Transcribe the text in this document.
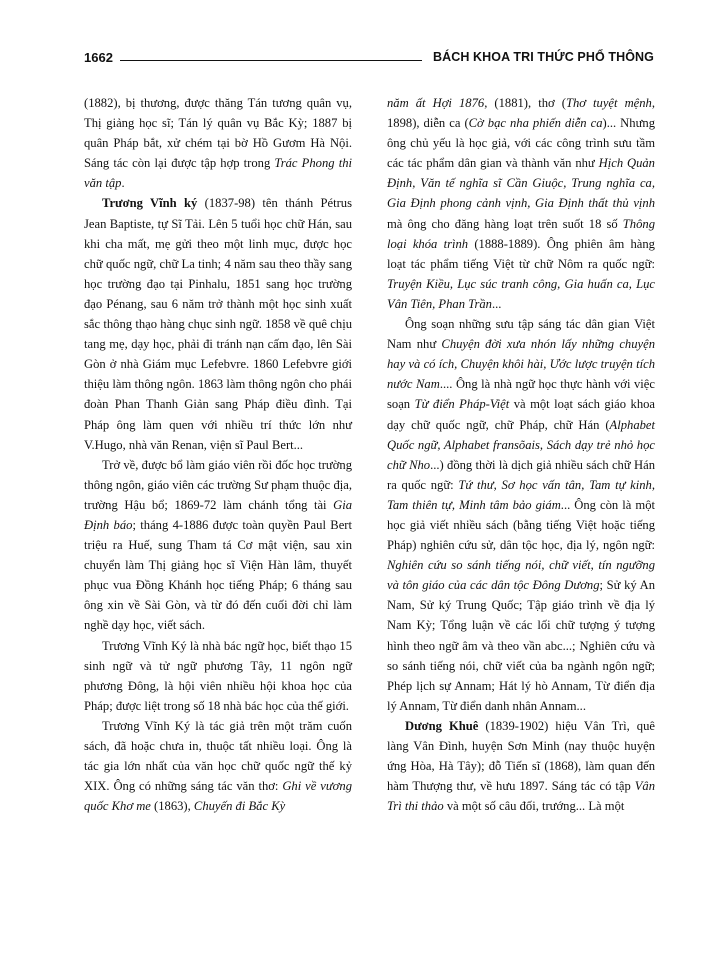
1662	BÁCH KHOA TRI THỨC PHỔ THÔNG

(1882), bị thương, được thăng Tán tương quân vụ, Thị giảng học sĩ; Tán lý quân vụ Bắc Kỳ; 1887 bị quân Pháp bắt, xử chém tại bờ Hồ Gươm Hà Nội. Sáng tác còn lại được tập hợp trong Trác Phong thi văn tập.

Trương Vĩnh ký (1837-98) tên thánh Pétrus Jean Baptiste, tự Sĩ Tải. Lên 5 tuổi học chữ Hán, sau khi cha mất, mẹ gửi theo một linh mục, được học chữ quốc ngữ, chữ La tinh; 4 năm sau theo thầy sang học trường đạo tại Pinhalu, 1851 sang học trường đạo Pénang, sau 6 năm trở thành một học sinh xuất sắc thông thạo hàng chục sinh ngữ. 1858 về quê chịu tang mẹ, dạy học, phải đi tránh nạn cấm đạo, lên Sài Gòn ở nhà Giám mục Lefebvre. 1860 Lefebvre giới thiệu làm thông ngôn. 1863 làm thông ngôn cho phái đoàn Phan Thanh Giản sang Pháp điều đình. Tại Pháp ông làm quen với nhiều trí thức lớn như V.Hugo, nhà văn Renan, viện sĩ Paul Bert...

Trở về, được bổ làm giáo viên rồi đốc học trường thông ngôn, giáo viên các trường Sư phạm thuộc địa, trường Hậu bổ; 1869-72 làm chánh tổng tài Gia Định báo; tháng 4-1886 được toàn quyền Paul Bert triệu ra Huế, sung Tham tá Cơ mật viện, sau xin chuyển làm Thị giảng học sĩ Viện Hàn lâm, thuyết phục vua Đồng Khánh học tiếng Pháp; 6 tháng sau ông xin về Sài Gòn, và từ đó đến cuối đời chỉ làm nghề dạy học, viết sách.

Trương Vĩnh Ký là nhà bác ngữ học, biết thạo 15 sinh ngữ và tử ngữ phương Tây, 11 ngôn ngữ phương Đông, là hội viên nhiều hội khoa học của Pháp; được liệt trong số 18 nhà bác học của thế giới.

Trương Vĩnh Ký là tác giả trên một trăm cuốn sách, đã hoặc chưa in, thuộc tất nhiều loại. Ông là tác gia lớn nhất của văn học chữ quốc ngữ thế kỷ XIX. Ông có những sáng tác văn thơ: Ghi về vương quốc Khơ me (1863), Chuyến đi Bắc Kỳ

năm ất Hợi 1876, (1881), thơ (Thơ tuyệt mệnh, 1898), diễn ca (Cờ bạc nha phiến diễn ca)... Nhưng ông chủ yếu là học giả, với các công trình sưu tầm các tác phẩm dân gian và thành văn như Hịch Quản Định, Văn tế nghĩa sĩ Cần Giuộc, Trung nghĩa ca, Gia Định phong cảnh vịnh, Gia Định thất thủ vịnh mà ông cho đăng hàng loạt trên suốt 18 số Thông loại khóa trình (1888-1889). Ông phiên âm hàng loạt tác phẩm tiếng Việt từ chữ Nôm ra quốc ngữ: Truyện Kiều, Lục súc tranh công, Gia huấn ca, Lục Vân Tiên, Phan Trần...

Ông soạn những sưu tập sáng tác dân gian Việt Nam như Chuyện đời xưa nhón lấy những chuyện hay và có ích, Chuyện khôi hài, Ước lược truyện tích nước Nam.... Ông là nhà ngữ học thực hành với việc soạn Từ điển Pháp-Việt và một loạt sách giáo khoa dạy chữ quốc ngữ, chữ Pháp, chữ Hán (Alphabet Quốc ngữ, Alphabet fransõais, Sách dạy trẻ nhỏ học chữ Nho...) đồng thời là dịch giả nhiều sách chữ Hán ra quốc ngữ: Tứ thư, Sơ học vấn tân, Tam tự kinh, Tam thiên tự, Minh tâm bảo giám... Ông còn là một học giả viết nhiều sách (bằng tiếng Việt hoặc tiếng Pháp) nghiên cứu sử, dân tộc học, địa lý, ngôn ngữ: Nghiên cứu so sánh tiếng nói, chữ viết, tín ngưỡng và tôn giáo của các dân tộc Đông Dương; Sử ký An Nam, Sử ký Trung Quốc; Tập giáo trình về địa lý Nam Kỳ; Tổng luận về các lối chữ tượng ý tượng hình theo ngữ âm và theo vần abc...; Nghiên cứu và so sánh tiếng nói, chữ viết của ba ngành ngôn ngữ; Phép lịch sự Annam; Hát lý hò Annam, Từ điển địa lý Annam, Từ điển danh nhân Annam...

Dương Khuê (1839-1902) hiệu Vân Trì, quê làng Vân Đình, huyện Sơn Minh (nay thuộc huyện ứng Hòa, Hà Tây); đỗ Tiến sĩ (1868), làm quan đến hàm Thượng thư, về hưu 1897. Sáng tác có tập Vân Trì thi thảo và một số câu đối, trướng... Là một
